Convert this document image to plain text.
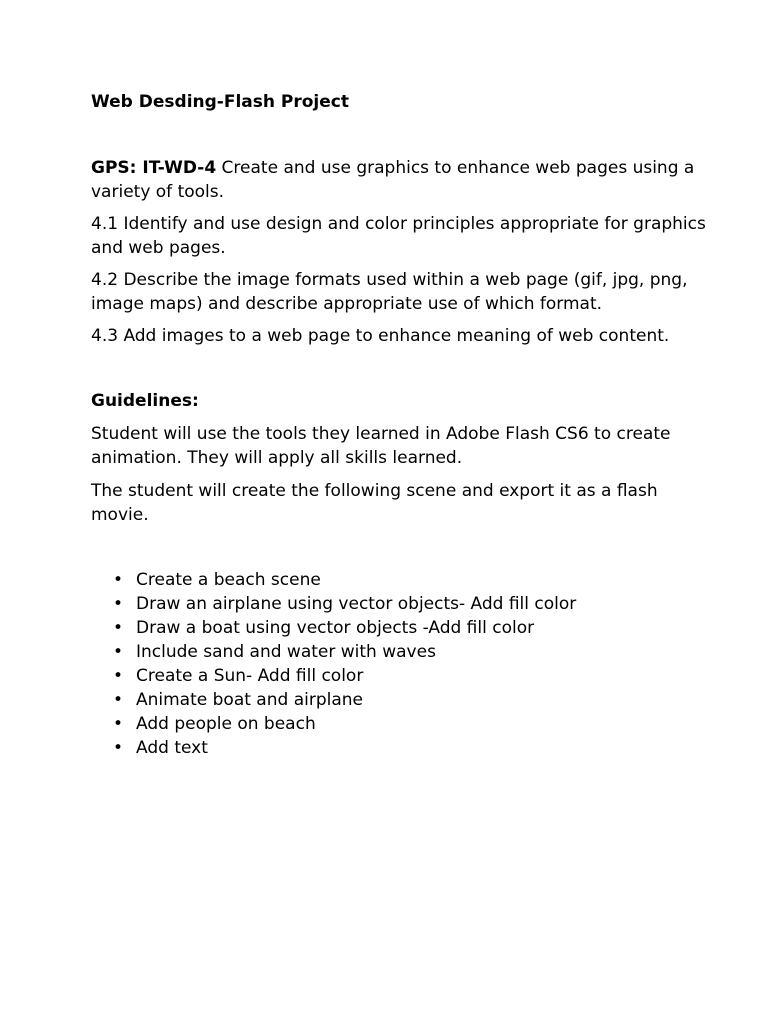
Web Desding-Flash Project

GPS: IT-WD-4 Create and use graphics to enhance web pages using a variety of tools.

4.1 Identify and use design and color principles appropriate for graphics and web pages.

4.2 Describe the image formats used within a web page (gif, jpg, png, image maps) and describe appropriate use of which format.

4.3 Add images to a web page to enhance meaning of web content.

Guidelines:

Student will use the tools they learned in Adobe Flash CS6 to create animation. They will apply all skills learned.

The student will create the following scene and export it as a flash movie.

• Create a beach scene
• Draw an airplane using vector objects- Add fill color
• Draw a boat using vector objects -Add fill color
• Include sand and water with waves
• Create a Sun- Add fill color
• Animate boat and airplane
• Add people on beach
• Add text
